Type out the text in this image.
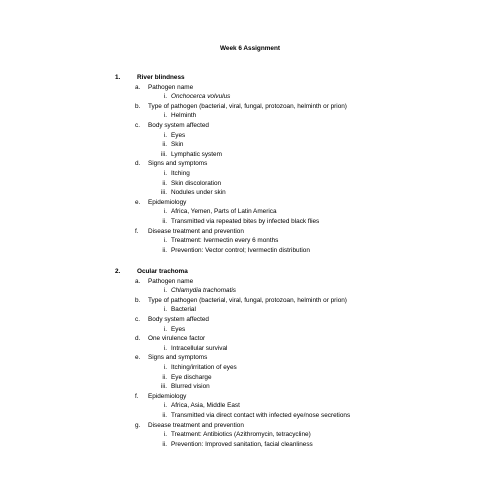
Week 6 Assignment
1.	River blindness
a. Pathogen name
i. Onchocerca volvulus
b. Type of pathogen (bacterial, viral, fungal, protozoan, helminth or prion)
i. Helminth
c. Body system affected
i. Eyes
ii. Skin
iii. Lymphatic system
d. Signs and symptoms
i. Itching
ii. Skin discoloration
iii. Nodules under skin
e. Epidemiology
i. Africa, Yemen, Parts of Latin America
ii. Transmitted via repeated bites by infected black flies
f. Disease treatment and prevention
i. Treatment: Ivermectin every 6 months
ii. Prevention: Vector control; Ivermectin distribution
2.	Ocular trachoma
a. Pathogen name
i. Chlamydia trachomatis
b. Type of pathogen (bacterial, viral, fungal, protozoan, helminth or prion)
i. Bacterial
c. Body system affected
i. Eyes
d. One virulence factor
i. Intracellular survival
e. Signs and symptoms
i. Itching/irritation of eyes
ii. Eye discharge
iii. Blurred vision
f. Epidemiology
i. Africa, Asia, Middle East
ii. Transmitted via direct contact with infected eye/nose secretions
g. Disease treatment and prevention
i. Treatment: Antibiotics (Azithromycin, tetracycline)
ii. Prevention: Improved sanitation, facial cleanliness
